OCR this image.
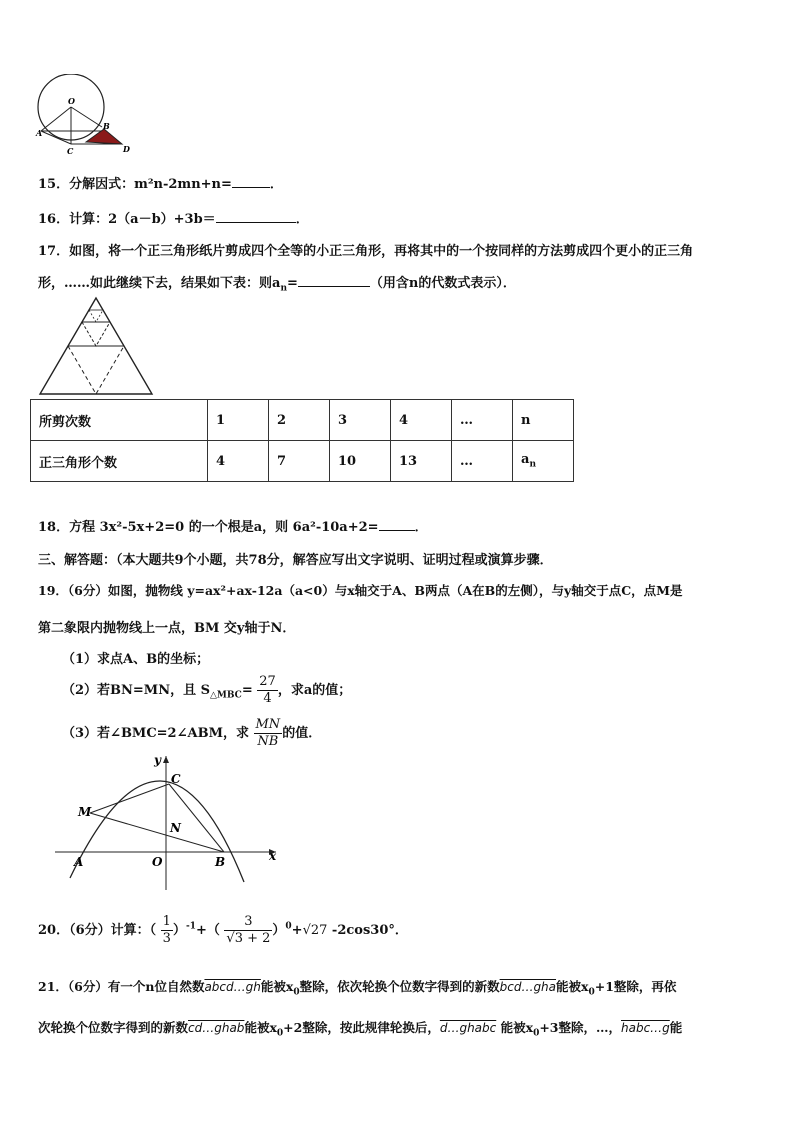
O
A
B
C	D
15．分解因式：m²n-2mn+n=	．
16．计算：2（a－b）+3b＝	．
17．如图，将一个正三角形纸片剪成四个全等的小正三角形，再将其中的一个按同样的方法剪成四个更小的正三角
形，……如此继续下去，结果如下表：则$a_n=$	（用含n的代数式表示）．
所剪次数	1	2	3	4	…	n
正三角形个数	4	7	10	13	…	$a_n$
18．方程 3x²-5x+2=0 的一个根是a，则 6a²-10a+2=	．
三、解答题：（本大题共9个小题，共78分，解答应写出文字说明、证明过程或演算步骤．
19．（6分）如图，抛物线 y=ax²+ax-12a（a<0）与x轴交于A、B两点（A在B的左侧），与y轴交于点C，点M是
第二象限内抛物线上一点，BM 交y轴于N．
（1）求点A、B的坐标；
（2）若BN=MN，且 $S_{\triangle MBC}= \frac{27}{4}$ ，求a的值；
（3）若∠BMC=2∠ABM，求 $\frac{MN}{NB}$ 的值．
y
x
C
M
N
A	O	B
20．（6分）计算：（ $\frac{1}{3} )^{-1}+( \frac{3}{√3 + 2} )^0+√27$ -2cos30°．
21．（6分）有一个n位自然数abcd…gh能被$x_0$整除，依次轮换个位数字得到的新数bcd…gha能被$x_0+1$整除，再依
次轮换个位数字得到的新数cd…ghab能被$x_0+2$整除，按此规律轮换后，d…ghabc 能被$x_0+3$整除，…，habc…g能
